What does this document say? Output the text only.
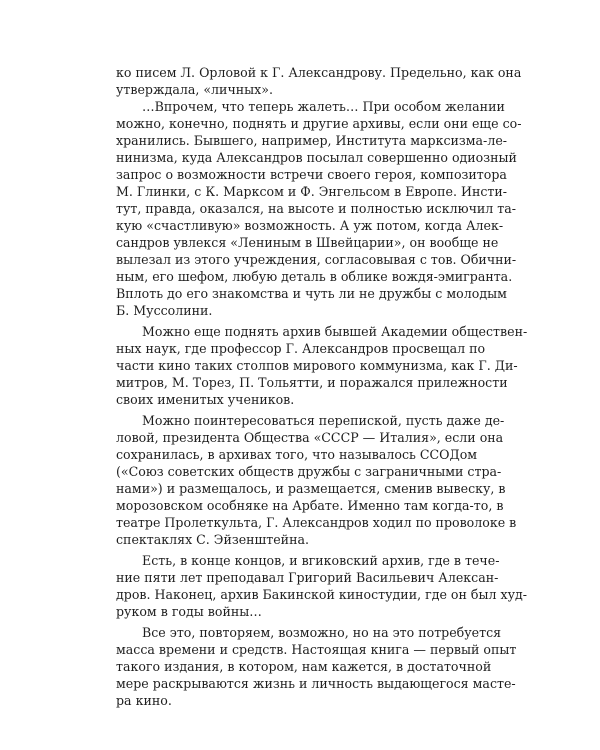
ко писем Л. Орловой к Г. Александрову. Предельно, как она
утверждала, «личных».
…Впрочем, что теперь жалеть… При особом желании
можно, конечно, поднять и другие архивы, если они еще со-
хранились. Бывшего, например, Института марксизма-ле-
нинизма, куда Александров посылал совершенно одиозный
запрос о возможности встречи своего героя, композитора
М. Глинки, с К. Марксом и Ф. Энгельсом в Европе. Инсти-
тут, правда, оказался, на высоте и полностью исключил та-
кую «счастливую» возможность. А уж потом, когда Алек-
сандров увлекся «Лениным в Швейцарии», он вообще не
вылезал из этого учреждения, согласовывая с тов. Обични-
ным, его шефом, любую деталь в облике вождя-эмигранта.
Вплоть до его знакомства и чуть ли не дружбы с молодым
Б. Муссолини.
Можно еще поднять архив бывшей Академии обществен-
ных наук, где профессор Г. Александров просвещал по
части кино таких столпов мирового коммунизма, как Г. Ди-
митров, М. Торез, П. Тольятти, и поражался прилежности
своих именитых учеников.
Можно поинтересоваться перепиской, пусть даже де-
ловой, президента Общества «СССР — Италия», если она
сохранилась, в архивах того, что называлось ССОДом
(«Союз советских обществ дружбы с заграничными стра-
нами») и размещалось, и размещается, сменив вывеску, в
морозовском особняке на Арбате. Именно там когда-то, в
театре Пролеткульта, Г. Александров ходил по проволоке в
спектаклях С. Эйзенштейна.
Есть, в конце концов, и вгиковский архив, где в тече-
ние пяти лет преподавал Григорий Васильевич Алексан-
дров. Наконец, архив Бакинской киностудии, где он был худ-
руком в годы войны…
Все это, повторяем, возможно, но на это потребуется
масса времени и средств. Настоящая книга — первый опыт
такого издания, в котором, нам кажется, в достаточной
мере раскрываются жизнь и личность выдающегося масте-
ра кино.
